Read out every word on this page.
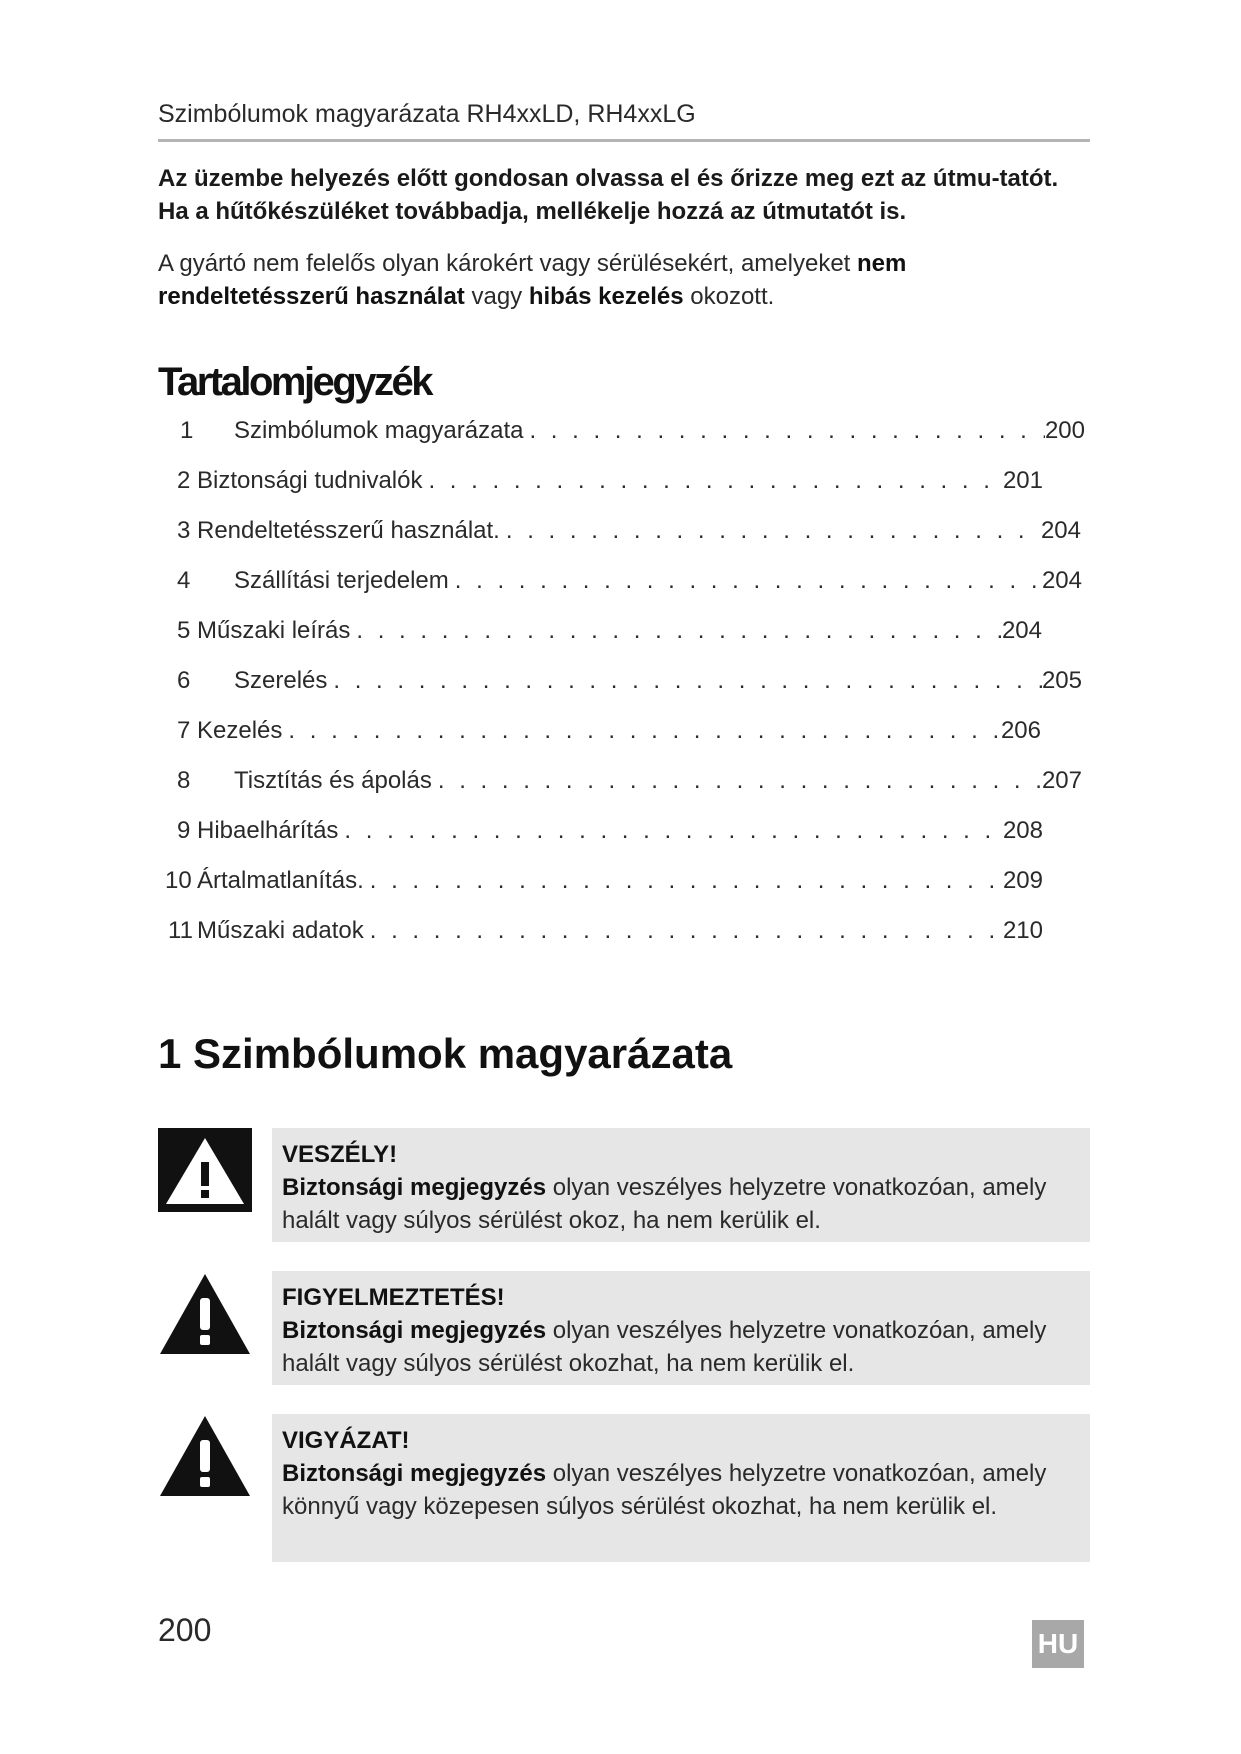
Szimbólumok magyarázata RH4xxLD, RH4xxLG
Az üzembe helyezés előtt gondosan olvassa el és őrizze meg ezt az útmu-tatót. Ha a hűtőkészüléket továbbadja, mellékelje hozzá az útmutatót is.
A gyártó nem felelős olyan károkért vagy sérülésekért, amelyeket nem rendeltetésszerű használat vagy hibás kezelés okozott.
Tartalomjegyzék
1	Szimbólumok magyarázata . . .	200
2 Biztonsági tudnivalók . . .	201
3 Rendeltetésszerű használat. . . .	204
4	Szállítási terjedelem . . .	204
5 Műszaki leírás . . .	204
6	Szerelés . . .	205
7 Kezelés . . .	206
8	Tisztítás és ápolás . . .	207
9 Hibaelhárítás . . .	208
10 Ártalmatlanítás. . . .	209
11 Műszaki adatok . . .	210
1 Szimbólumok magyarázata
VESZÉLY!
Biztonsági megjegyzés olyan veszélyes helyzetre vonatkozóan, amely halált vagy súlyos sérülést okoz, ha nem kerülik el.
FIGYELMEZTETÉS!
Biztonsági megjegyzés olyan veszélyes helyzetre vonatkozóan, amely halált vagy súlyos sérülést okozhat, ha nem kerülik el.
VIGYÁZAT!
Biztonsági megjegyzés olyan veszélyes helyzetre vonatkozóan, amely könnyű vagy közepesen súlyos sérülést okozhat, ha nem kerülik el.
200	HU
